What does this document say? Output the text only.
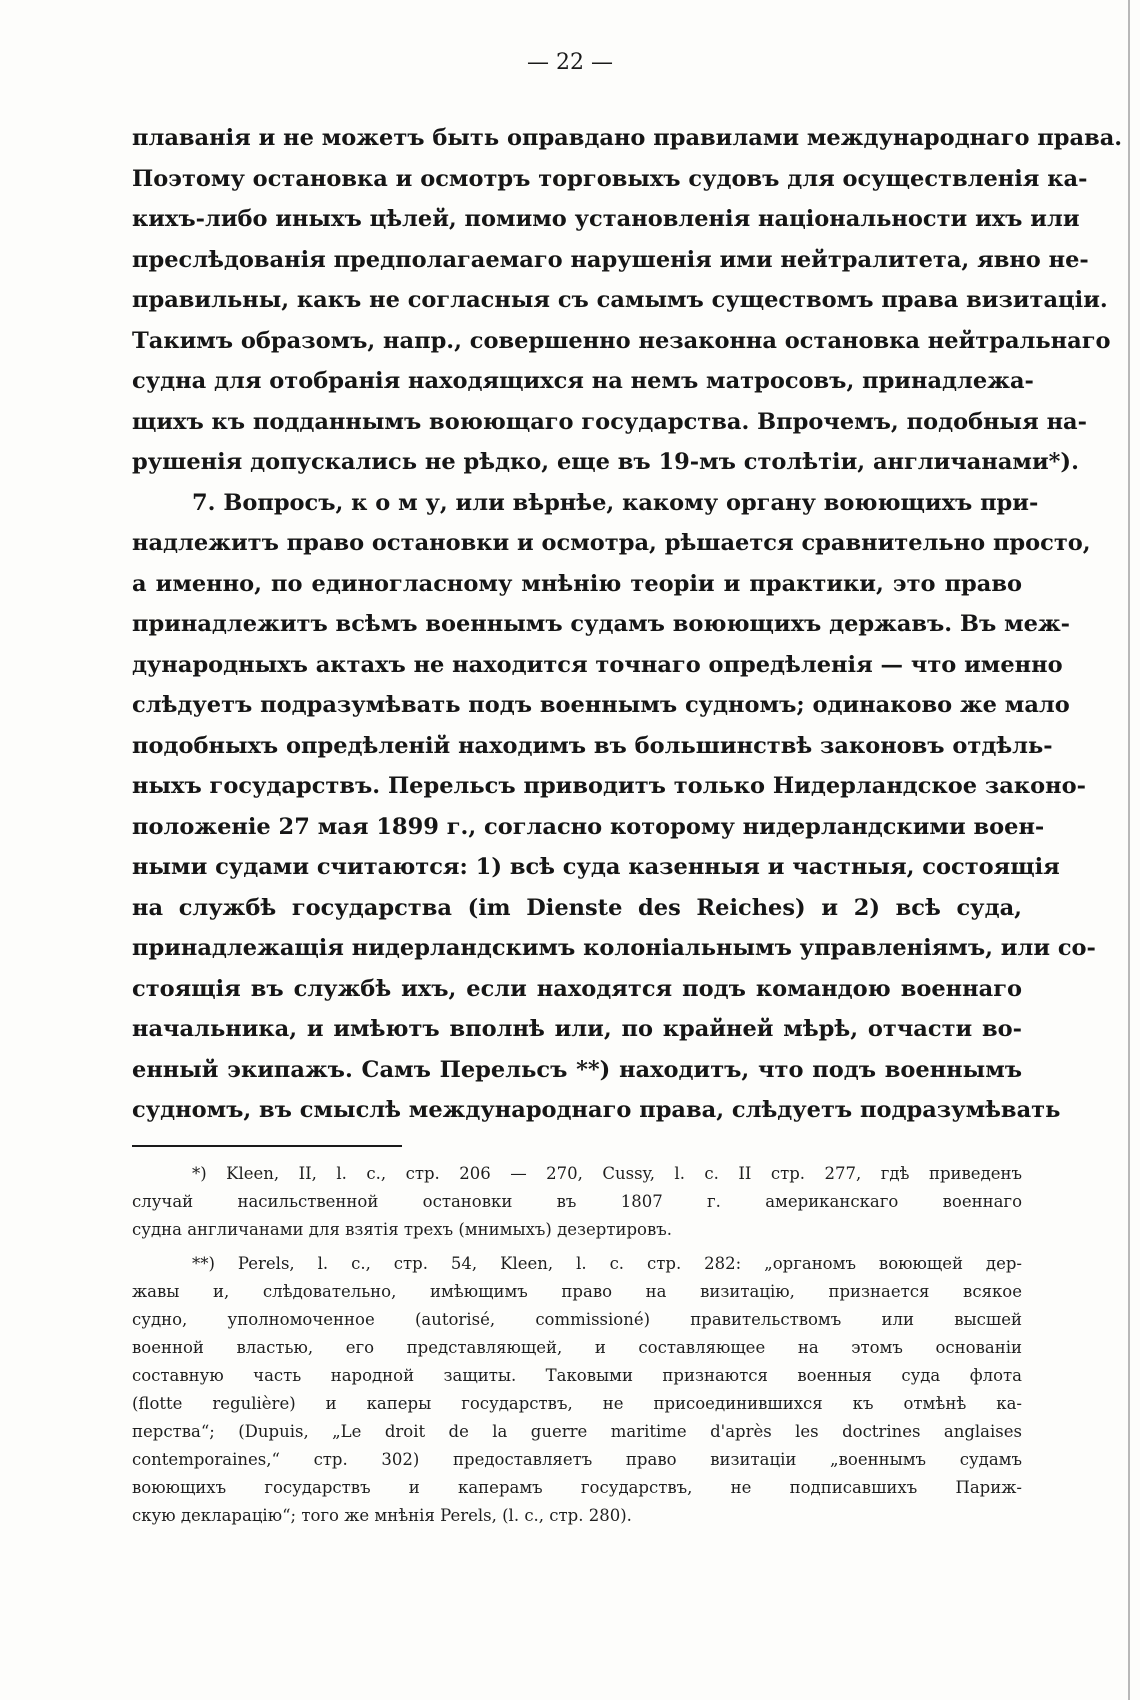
— 22 —
плаванія и не можетъ быть оправдано правилами международнаго права.
Поэтому остановка и осмотръ торговыхъ судовъ для осуществленія ка-
кихъ-либо иныхъ цѣлей, помимо установленія національности ихъ или
преслѣдованія предполагаемаго нарушенія ими нейтралитета, явно не-
правильны, какъ не согласныя съ самымъ существомъ права визитаціи.
Такимъ образомъ, напр., совершенно незаконна остановка нейтральнаго
судна для отобранія находящихся на немъ матросовъ, принадлежа-
щихъ къ подданнымъ воюющаго государства. Впрочемъ, подобныя на-
рушенія допускались не рѣдко, еще въ 19-мъ столѣтіи, англичанами*).
7. Вопросъ, к о м у, или вѣрнѣе, какому органу воюющихъ при-
надлежитъ право остановки и осмотра, рѣшается сравнительно просто,
а именно, по единогласному мнѣнію теоріи и практики, это право
принадлежитъ всѣмъ военнымъ судамъ воюющихъ державъ. Въ меж-
дународныхъ актахъ не находится точнаго опредѣленія — что именно
слѣдуетъ подразумѣвать подъ военнымъ судномъ; одинаково же мало
подобныхъ опредѣленій находимъ въ большинствѣ законовъ отдѣль-
ныхъ государствъ. Перельсъ приводитъ только Нидерландское законо-
положеніе 27 мая 1899 г., согласно которому нидерландскими воен-
ными судами считаются: 1) всѣ суда казенныя и частныя, состоящія
на службѣ государства (im Dienste des Reiches) и 2) всѣ суда,
принадлежащія нидерландскимъ колоніальнымъ управленіямъ, или со-
стоящія въ службѣ ихъ, если находятся подъ командою военнаго
начальника, и имѣютъ вполнѣ или, по крайней мѣрѣ, отчасти во-
енный экипажъ. Самъ Перельсъ **) находитъ, что подъ военнымъ
судномъ, въ смыслѣ международнаго права, слѣдуетъ подразумѣвать
*) Kleen, II, l. c., стр. 206 — 270, Cussy, l. c. II стр. 277, гдѣ приведенъ
случай насильственной остановки въ 1807 г. американскаго военнаго
судна англичанами для взятія трехъ (мнимыхъ) дезертировъ.
**) Perels, l. c., стр. 54, Kleen, l. c. стр. 282: „органомъ воюющей дер-
жавы и, слѣдовательно, имѣющимъ право на визитацію, признается всякое
судно, уполномоченное (autorisé, commissioné) правительствомъ или высшей
военной властью, его представляющей, и составляющее на этомъ основаніи
составную часть народной защиты. Таковыми признаются военныя суда флота
(flotte regulière) и каперы государствъ, не присоединившихся къ отмѣнѣ ка-
перства“; (Dupuis, „Le droit de la guerre maritime d'après les doctrines anglaises
contemporaines,“ стр. 302) предоставляетъ право визитаціи „военнымъ судамъ
воюющихъ государствъ и каперамъ государствъ, не подписавшихъ Париж-
скую декларацію“; того же мнѣнія Perels, (l. c., стр. 280).
